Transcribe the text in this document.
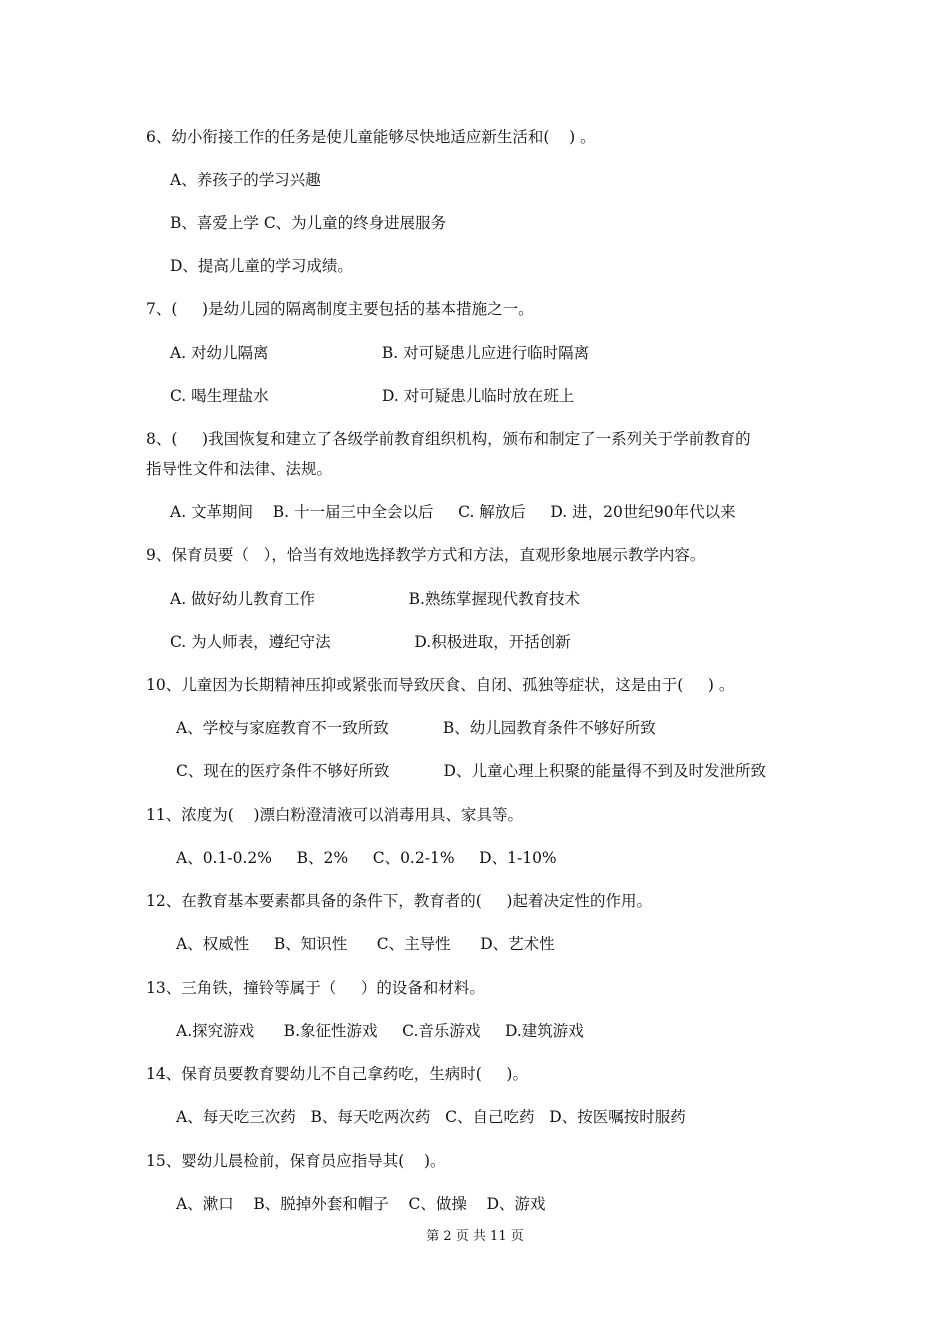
6、幼小衔接工作的任务是使儿童能够尽快地适应新生活和(    ) 。
A、养孩子的学习兴趣
B、喜爱上学 C、为儿童的终身进展服务
D、提高儿童的学习成绩。
7、(     )是幼儿园的隔离制度主要包括的基本措施之一。
A. 对幼儿隔离                       B. 对可疑患儿应进行临时隔离
C. 喝生理盐水                       D. 对可疑患儿临时放在班上
8、(     )我国恢复和建立了各级学前教育组织机构，颁布和制定了一系列关于学前教育的
指导性文件和法律、法规。
A. 文革期间    B. 十一届三中全会以后     C. 解放后     D. 进，20世纪90年代以来
9、保育员要（   ），恰当有效地选择教学方式和方法，直观形象地展示教学内容。
A. 做好幼儿教育工作                   B.熟练掌握现代教育技术
C. 为人师表，遵纪守法                 D.积极进取，开括创新
10、儿童因为长期精神压抑或紧张而导致厌食、自闭、孤独等症状，这是由于(     ) 。
A、学校与家庭教育不一致所致           B、幼儿园教育条件不够好所致
C、现在的医疗条件不够好所致           D、儿童心理上积聚的能量得不到及时发泄所致
11、浓度为(    )漂白粉澄清液可以消毒用具、家具等。
A、0.1-0.2%     B、2%     C、0.2-1%     D、1-10%
12、在教育基本要素都具备的条件下，教育者的(     )起着决定性的作用。
A、权威性     B、知识性      C、主导性      D、艺术性
13、三角铁，撞铃等属于（     ）的设备和材料。
A.探究游戏      B.象征性游戏     C.音乐游戏     D.建筑游戏
14、保育员要教育婴幼儿不自己拿药吃，生病时(     )。
A、每天吃三次药   B、每天吃两次药   C、自己吃药   D、按医嘱按时服药
15、婴幼儿晨检前，保育员应指导其(    )。
A、漱口    B、脱掉外套和帽子    C、做操    D、游戏
第 2 页 共 11 页
